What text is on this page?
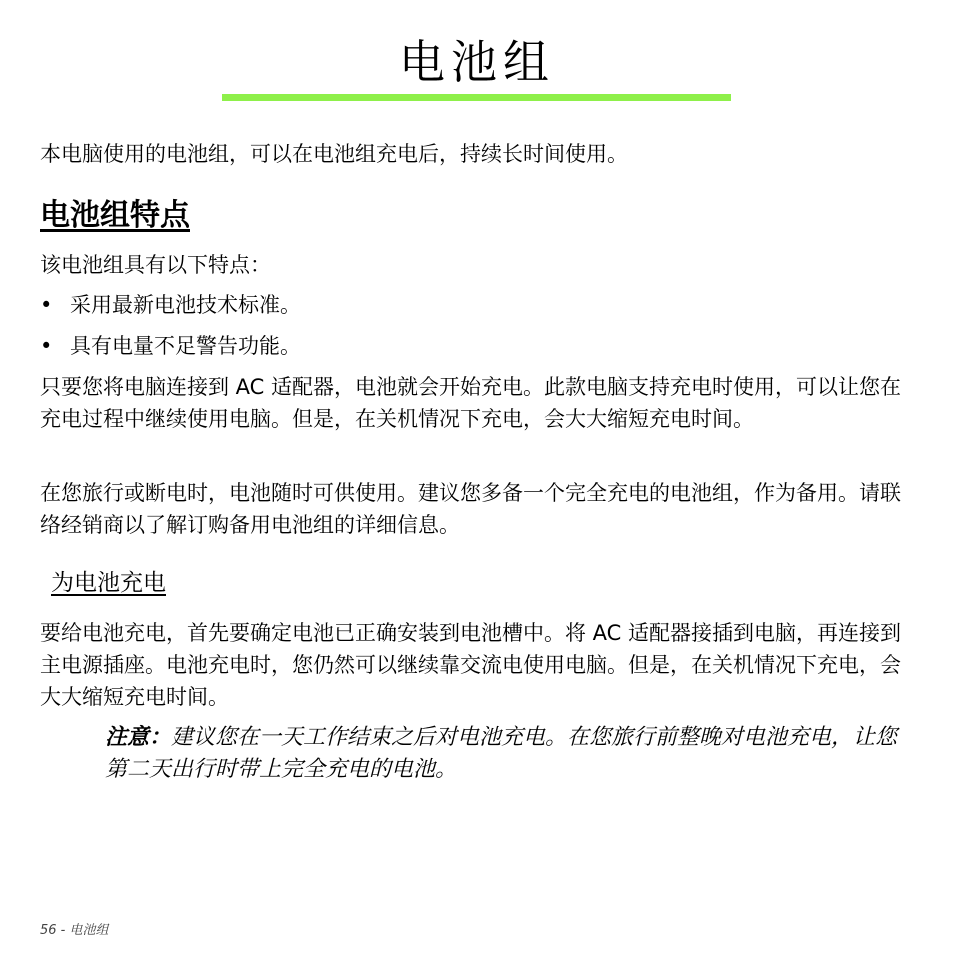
电池组

本电脑使用的电池组，可以在电池组充电后，持续长时间使用。

电池组特点

该电池组具有以下特点：

• 采用最新电池技术标准。
• 具有电量不足警告功能。

只要您将电脑连接到 AC 适配器，电池就会开始充电。此款电脑支持充电时使用，可以让您在充电过程中继续使用电脑。但是，在关机情况下充电，会大大缩短充电时间。

在您旅行或断电时，电池随时可供使用。建议您多备一个完全充电的电池组，作为备用。请联络经销商以了解订购备用电池组的详细信息。

为电池充电

要给电池充电，首先要确定电池已正确安装到电池槽中。将 AC 适配器接插到电脑，再连接到主电源插座。电池充电时，您仍然可以继续靠交流电使用电脑。但是，在关机情况下充电，会大大缩短充电时间。

注意：建议您在一天工作结束之后对电池充电。在您旅行前整晚对电池充电，让您第二天出行时带上完全充电的电池。
56 - 电池组
